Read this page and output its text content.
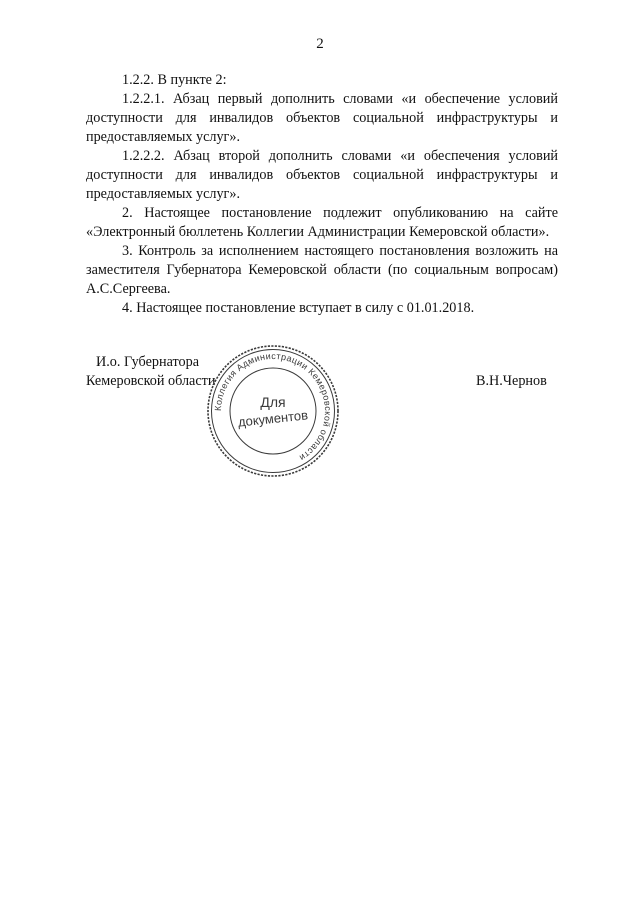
2

1.2.2. В пункте 2:

1.2.2.1. Абзац первый дополнить словами «и обеспечение условий доступности для инвалидов объектов социальной инфраструктуры и предоставляемых услуг».

1.2.2.2. Абзац второй дополнить словами «и обеспечения условий доступности для инвалидов объектов социальной инфраструктуры и предоставляемых услуг».

2. Настоящее постановление подлежит опубликованию на сайте «Электронный бюллетень Коллегии Администрации Кемеровской области».

3. Контроль за исполнением настоящего постановления возложить на заместителя Губернатора Кемеровской области (по социальным вопросам) А.С.Сергеева.

4. Настоящее постановление вступает в силу с 01.01.2018.

И.о. Губернатора
Кемеровской области	В.Н.Чернов
Коллегия Администрации Кемеровской области
Для
документов
